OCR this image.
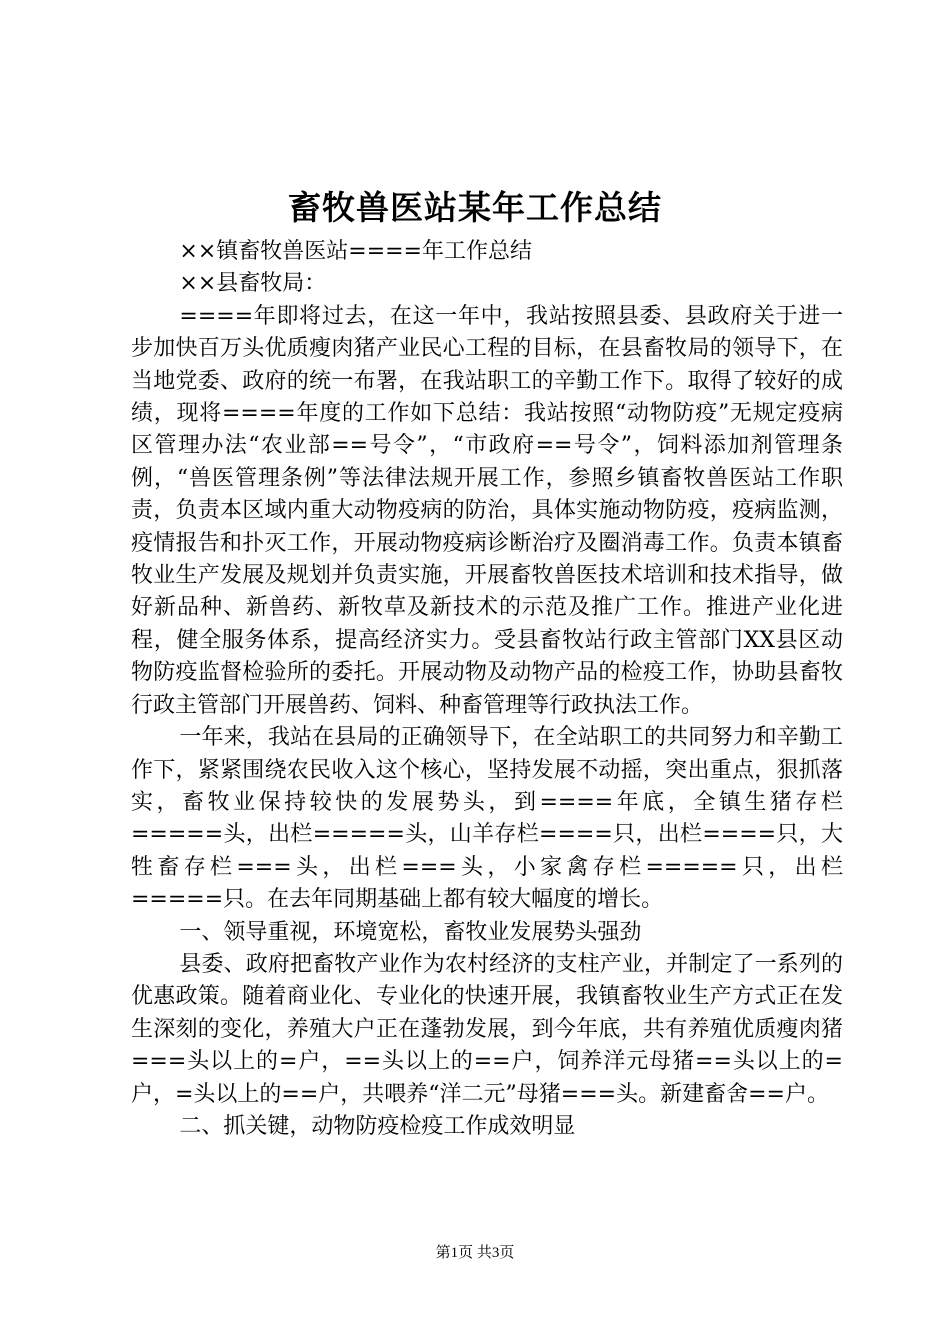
畜牧兽医站某年工作总结

××镇畜牧兽医站====年工作总结

××县畜牧局：

====年即将过去，在这一年中，我站按照县委、县政府关于进一步加快百万头优质瘦肉猪产业民心工程的目标，在县畜牧局的领导下，在当地党委、政府的统一布署，在我站职工的辛勤工作下。取得了较好的成绩，现将====年度的工作如下总结：我站按照“动物防疫”无规定疫病区管理办法“农业部==号令”，“市政府==号令”，饲料添加剂管理条例，“兽医管理条例”等法律法规开展工作，参照乡镇畜牧兽医站工作职责，负责本区域内重大动物疫病的防治，具体实施动物防疫，疫病监测，疫情报告和扑灭工作，开展动物疫病诊断治疗及圈消毒工作。负责本镇畜牧业生产发展及规划并负责实施，开展畜牧兽医技术培训和技术指导，做好新品种、新兽药、新牧草及新技术的示范及推广工作。推进产业化进程，健全服务体系，提高经济实力。受县畜牧站行政主管部门XX县区动物防疫监督检验所的委托。开展动物及动物产品的检疫工作，协助县畜牧行政主管部门开展兽药、饲料、种畜管理等行政执法工作。

一年来，我站在县局的正确领导下，在全站职工的共同努力和辛勤工作下，紧紧围绕农民收入这个核心，坚持发展不动摇，突出重点，狠抓落实，畜牧业保持较快的发展势头，到====年底，全镇生猪存栏=====头，出栏=====头，山羊存栏====只，出栏====只，大牲畜存栏===头，出栏===头，小家禽存栏=====只，出栏=====只。在去年同期基础上都有较大幅度的增长。

一、领导重视，环境宽松，畜牧业发展势头强劲

县委、政府把畜牧产业作为农村经济的支柱产业，并制定了一系列的优惠政策。随着商业化、专业化的快速开展，我镇畜牧业生产方式正在发生深刻的变化，养殖大户正在蓬勃发展，到今年底，共有养殖优质瘦肉猪===头以上的=户，==头以上的==户，饲养洋元母猪==头以上的=户，=头以上的==户，共喂养“洋二元”母猪===头。新建畜舍==户。

二、抓关键，动物防疫检疫工作成效明显

第1页 共3页
